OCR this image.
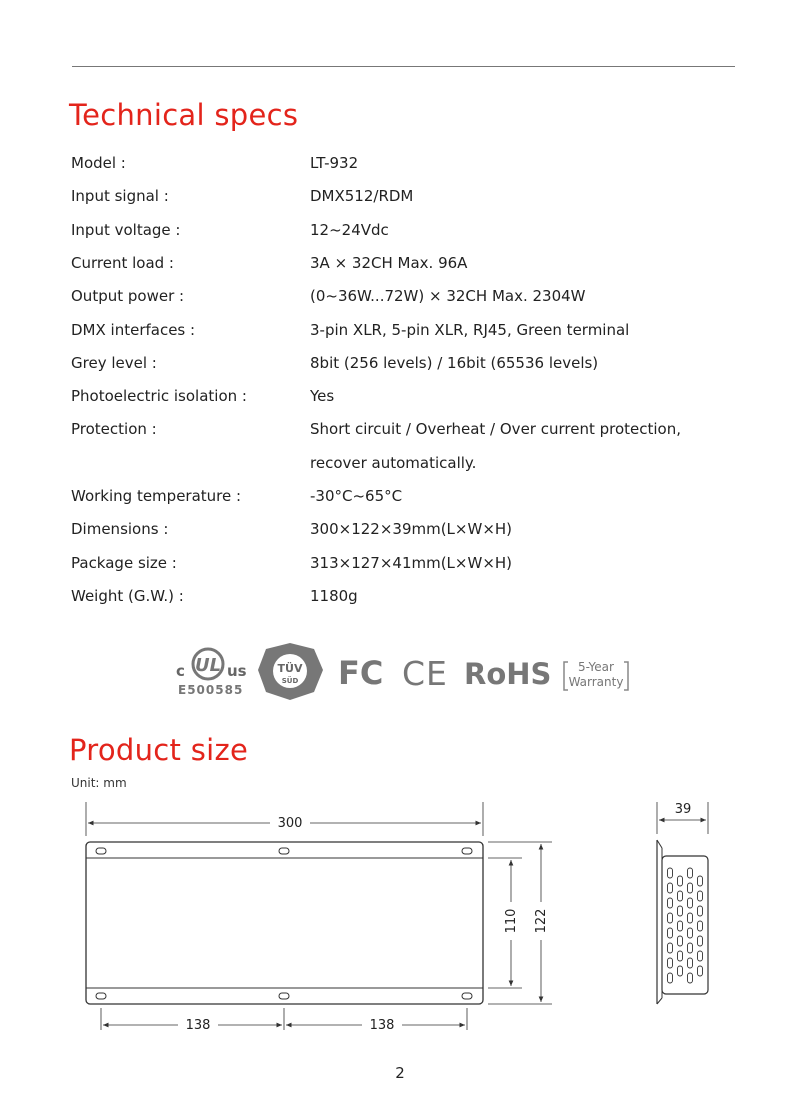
Technical specs
Model :	LT-932
Input signal :	DMX512/RDM
Input voltage :	12~24Vdc
Current load :	3A × 32CH Max. 96A
Output power :	(0~36W...72W) × 32CH Max. 2304W
DMX interfaces :	3-pin XLR, 5-pin XLR, RJ45, Green terminal
Grey level :	8bit (256 levels) / 16bit (65536 levels)
Photoelectric isolation :	Yes
Protection :	Short circuit / Overheat / Over current protection,
recover automatically.
Working temperature :	-30°C~65°C
Dimensions :	300×122×39mm(L×W×H)
Package size :	313×127×41mm(L×W×H)
Weight (G.W.) :	1180g
c UL us
E500585
TÜV
SÜD FC CE RoHS 5-Year
Warranty
Product size
Unit: mm
300
110 122
138	138
39
2
